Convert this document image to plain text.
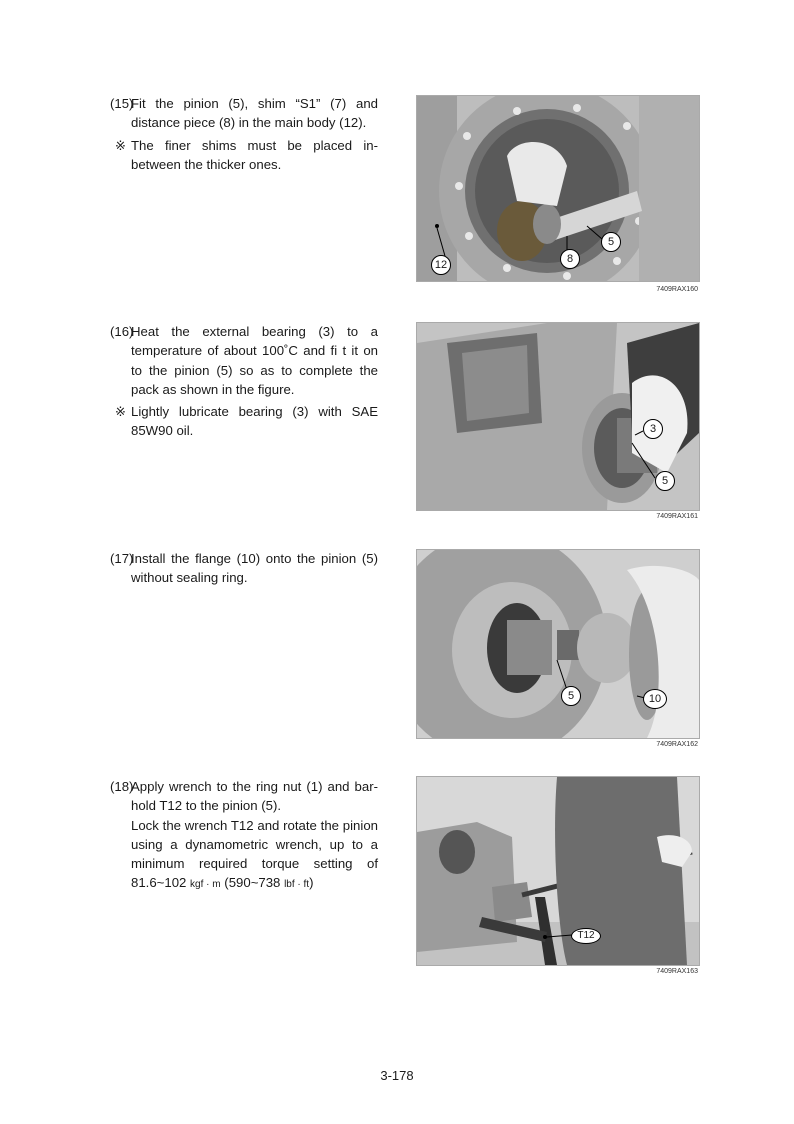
(15)
Fit the pinion (5), shim “S1” (7) and
distance piece (8) in the main body (12).
※ The finer shims must be placed in-
between the thicker ones.
12	8
5
7409RAX160
(16)
Heat the external bearing (3) to a
temperature of about 100˚C and fi t it on
to the pinion (5) so as to complete the
pack as shown in the figure.
※ Lightly lubricate bearing (3) with SAE
85W90 oil.	3
5
7409RAX161
(17)
Install the flange (10) onto the pinion (5)
without sealing ring.
5	10
7409RAX162
(18)
Apply wrench to the ring nut (1) and bar-
hold T12 to the pinion (5).
Lock the wrench T12 and rotate the pinion
using a dynamometric wrench, up to a
minimum required torque setting of
81.6~102 kgf · m (590~738 lbf · ft)
T12
7409RAX163
3-178
